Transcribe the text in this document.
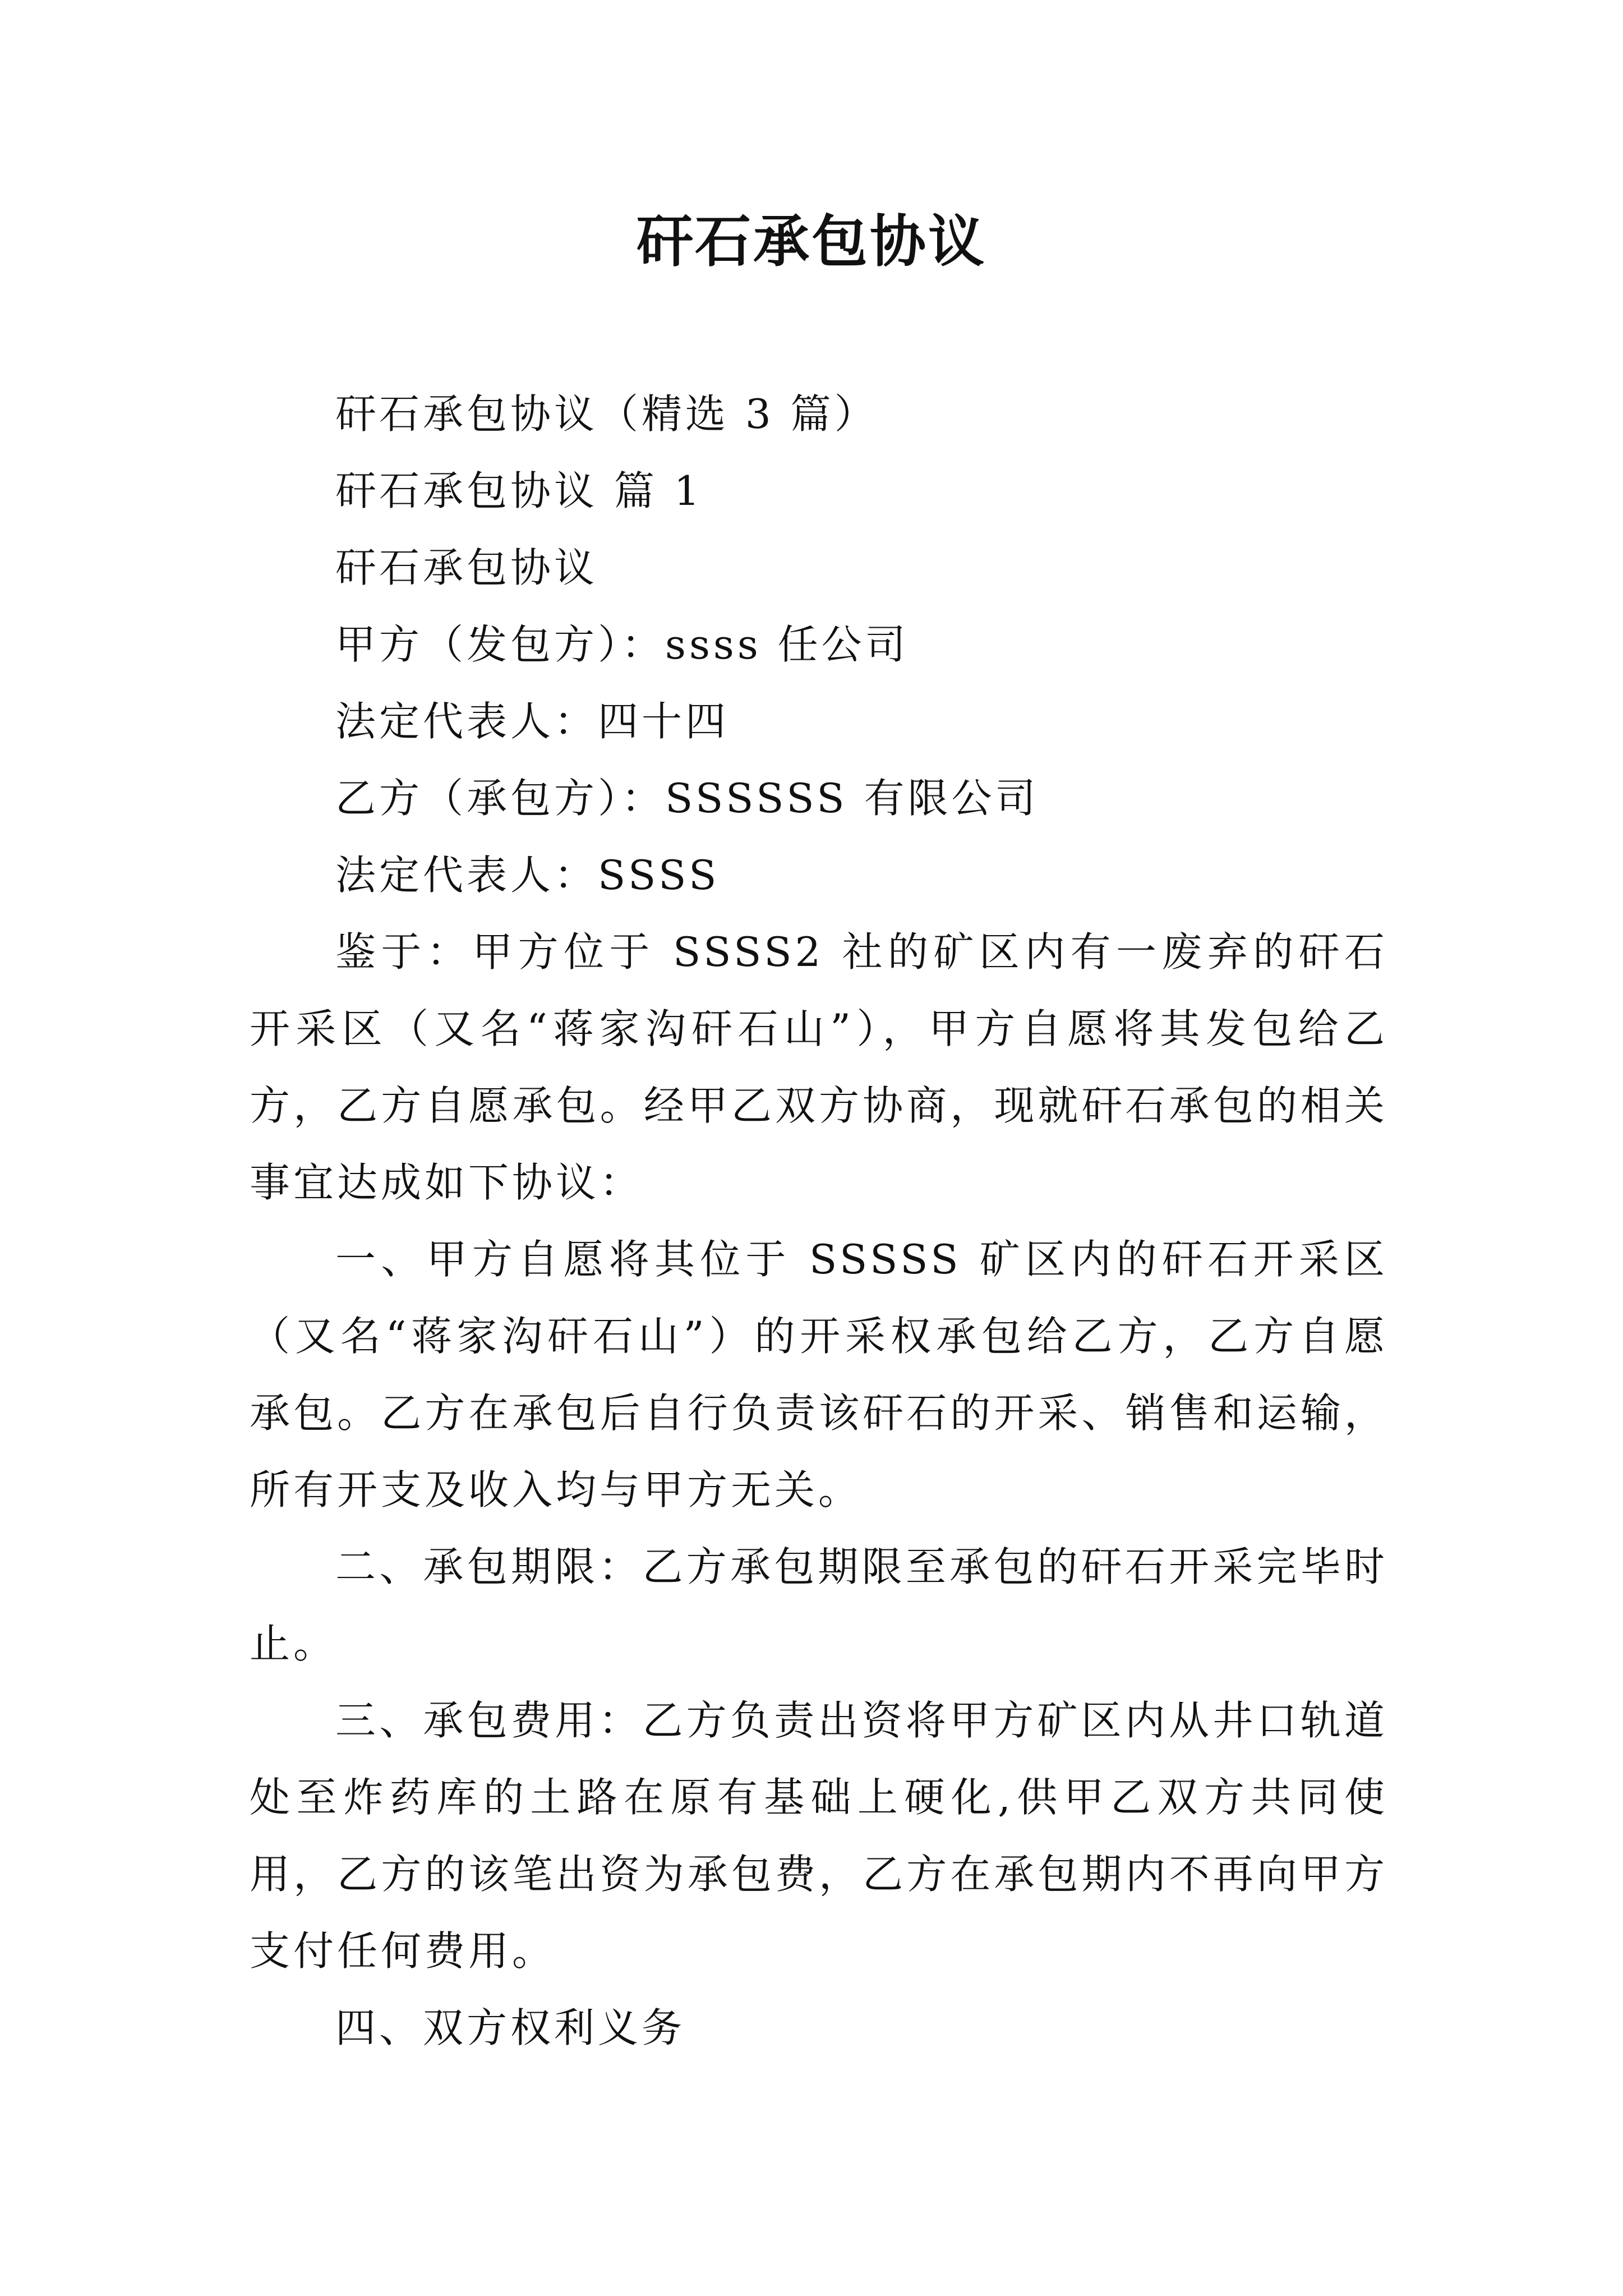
矸石承包协议

矸石承包协议（精选 3 篇）

矸石承包协议 篇 1

矸石承包协议

甲方（发包方）：ssss 任公司

法定代表人：四十四

乙方（承包方）：SSSSSS 有限公司

法定代表人：SSSS

鉴于：甲方位于 SSSS2 社的矿区内有一废弃的矸石开采区（又名“蒋家沟矸石山”），甲方自愿将其发包给乙方，乙方自愿承包。经甲乙双方协商，现就矸石承包的相关事宜达成如下协议：

一、甲方自愿将其位于 SSSSS 矿区内的矸石开采区（又名“蒋家沟矸石山”）的开采权承包给乙方，乙方自愿承包。乙方在承包后自行负责该矸石的开采、销售和运输，所有开支及收入均与甲方无关。

二、承包期限：乙方承包期限至承包的矸石开采完毕时止。

三、承包费用：乙方负责出资将甲方矿区内从井口轨道处至炸药库的土路在原有基础上硬化,供甲乙双方共同使用，乙方的该笔出资为承包费，乙方在承包期内不再向甲方支付任何费用。

四、双方权利义务
